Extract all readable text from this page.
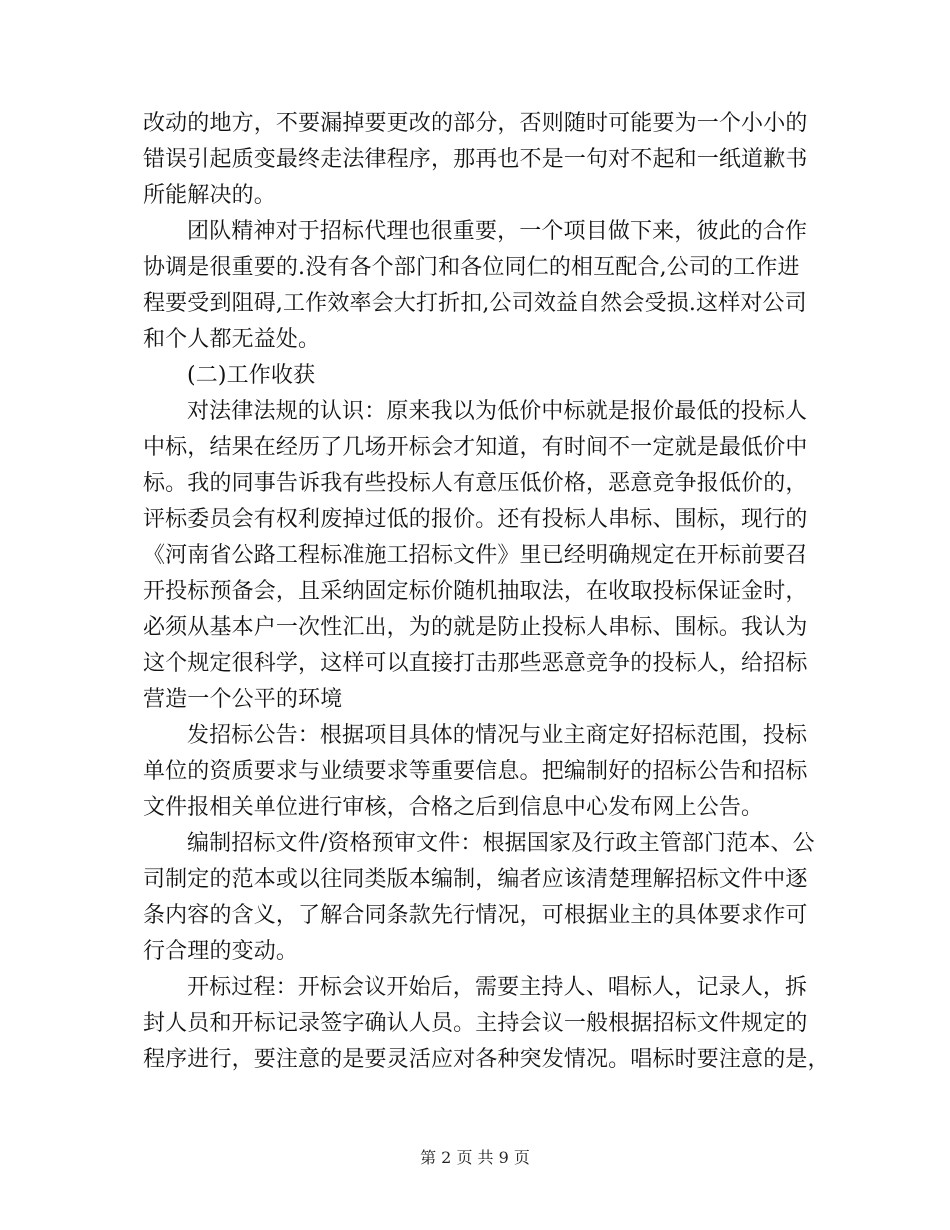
改动的地方，不要漏掉要更改的部分，否则随时可能要为一个小小的
错误引起质变最终走法律程序，那再也不是一句对不起和一纸道歉书
所能解决的。
团队精神对于招标代理也很重要，一个项目做下来，彼此的合作
协调是很重要的.没有各个部门和各位同仁的相互配合,公司的工作进
程要受到阻碍,工作效率会大打折扣,公司效益自然会受损.这样对公司
和个人都无益处。
(二)工作收获
对法律法规的认识：原来我以为低价中标就是报价最低的投标人
中标，结果在经历了几场开标会才知道，有时间不一定就是最低价中
标。我的同事告诉我有些投标人有意压低价格，恶意竞争报低价的，
评标委员会有权利废掉过低的报价。还有投标人串标、围标，现行的
《河南省公路工程标准施工招标文件》里已经明确规定在开标前要召
开投标预备会，且采纳固定标价随机抽取法，在收取投标保证金时，
必须从基本户一次性汇出，为的就是防止投标人串标、围标。我认为
这个规定很科学，这样可以直接打击那些恶意竞争的投标人，给招标
营造一个公平的环境
发招标公告：根据项目具体的情况与业主商定好招标范围，投标
单位的资质要求与业绩要求等重要信息。把编制好的招标公告和招标
文件报相关单位进行审核，合格之后到信息中心发布网上公告。
编制招标文件/资格预审文件：根据国家及行政主管部门范本、公
司制定的范本或以往同类版本编制，编者应该清楚理解招标文件中逐
条内容的含义，了解合同条款先行情况，可根据业主的具体要求作可
行合理的变动。
开标过程：开标会议开始后，需要主持人、唱标人，记录人，拆
封人员和开标记录签字确认人员。主持会议一般根据招标文件规定的
程序进行，要注意的是要灵活应对各种突发情况。唱标时要注意的是，
第 2 页 共 9 页
